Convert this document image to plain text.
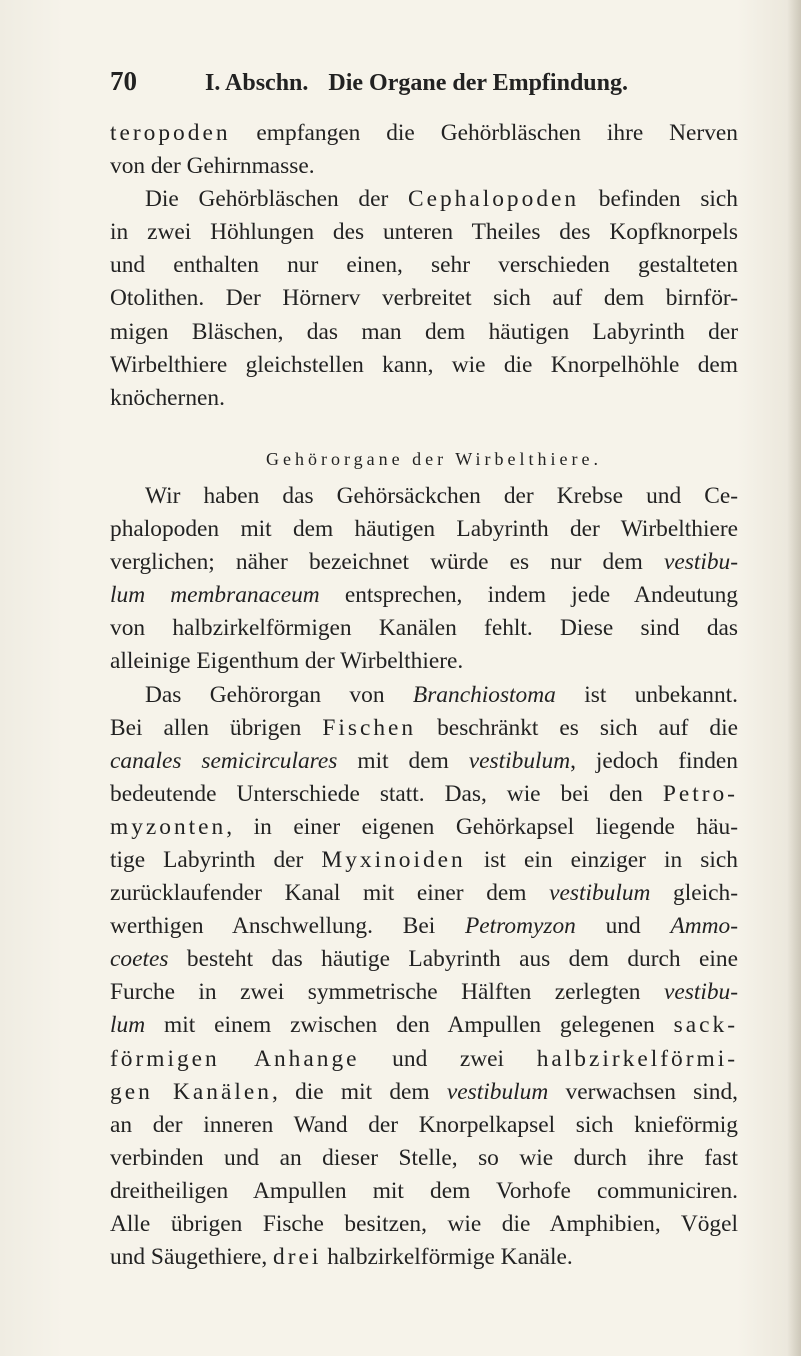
70	I. Abschn. Die Organe der Empfindung.
teropoden empfangen die Gehörbläschen ihre Nerven
von der Gehirnmasse.
Die Gehörbläschen der Cephalopoden befinden sich
in zwei Höhlungen des unteren Theiles des Kopfknorpels
und enthalten nur einen, sehr verschieden gestalteten
Otolithen. Der Hörnerv verbreitet sich auf dem birnför-
migen Bläschen, das man dem häutigen Labyrinth der
Wirbelthiere gleichstellen kann, wie die Knorpelhöhle dem
knöchernen.
Gehörorgane der Wirbelthiere.
Wir haben das Gehörsäckchen der Krebse und Ce-
phalopoden mit dem häutigen Labyrinth der Wirbelthiere
verglichen; näher bezeichnet würde es nur dem vestibu-
lum membranaceum entsprechen, indem jede Andeutung
von halbzirkelförmigen Kanälen fehlt. Diese sind das
alleinige Eigenthum der Wirbelthiere.
Das Gehörorgan von Branchiostoma ist unbekannt.
Bei allen übrigen Fischen beschränkt es sich auf die
canales semicirculares mit dem vestibulum, jedoch finden
bedeutende Unterschiede statt. Das, wie bei den Petro-
myzonten, in einer eigenen Gehörkapsel liegende häu-
tige Labyrinth der Myxinoiden ist ein einziger in sich
zurücklaufender Kanal mit einer dem vestibulum gleich-
werthigen Anschwellung. Bei Petromyzon und Ammo-
coetes besteht das häutige Labyrinth aus dem durch eine
Furche in zwei symmetrische Hälften zerlegten vestibu-
lum mit einem zwischen den Ampullen gelegenen sack-
förmigen Anhange und zwei halbzirkelförmi-
gen Kanälen, die mit dem vestibulum verwachsen sind,
an der inneren Wand der Knorpelkapsel sich knieförmig
verbinden und an dieser Stelle, so wie durch ihre fast
dreitheiligen Ampullen mit dem Vorhofe communiciren.
Alle übrigen Fische besitzen, wie die Amphibien, Vögel
und Säugethiere, drei halbzirkelförmige Kanäle.
